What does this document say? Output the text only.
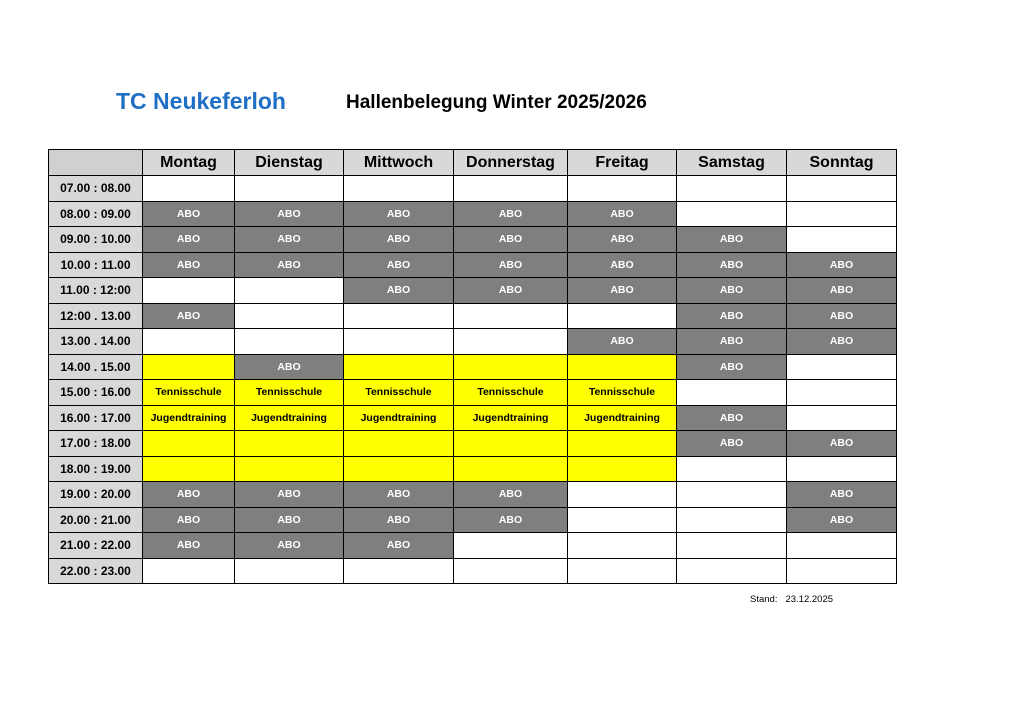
TC Neukeferloh	Hallenbelegung Winter 2025/2026
	Montag	Dienstag	Mittwoch	Donnerstag	Freitag	Samstag	Sonntag
07.00 : 08.00							
08.00 : 09.00	ABO	ABO	ABO	ABO	ABO		
09.00 : 10.00	ABO	ABO	ABO	ABO	ABO	ABO	
10.00 : 11.00	ABO	ABO	ABO	ABO	ABO	ABO	ABO
11.00 : 12:00			ABO	ABO	ABO	ABO	ABO
12:00 . 13.00	ABO					ABO	ABO
13.00 . 14.00					ABO	ABO	ABO
14.00 . 15.00		ABO				ABO	
15.00 : 16.00	Tennisschule	Tennisschule	Tennisschule	Tennisschule	Tennisschule		
16.00 : 17.00	Jugendtraining	Jugendtraining	Jugendtraining	Jugendtraining	Jugendtraining	ABO	
17.00 : 18.00						ABO	ABO
18.00 : 19.00							
19.00 : 20.00	ABO	ABO	ABO	ABO			ABO
20.00 : 21.00	ABO	ABO	ABO	ABO			ABO
21.00 : 22.00	ABO	ABO	ABO				
22.00 : 23.00							
Stand: 23.12.2025
